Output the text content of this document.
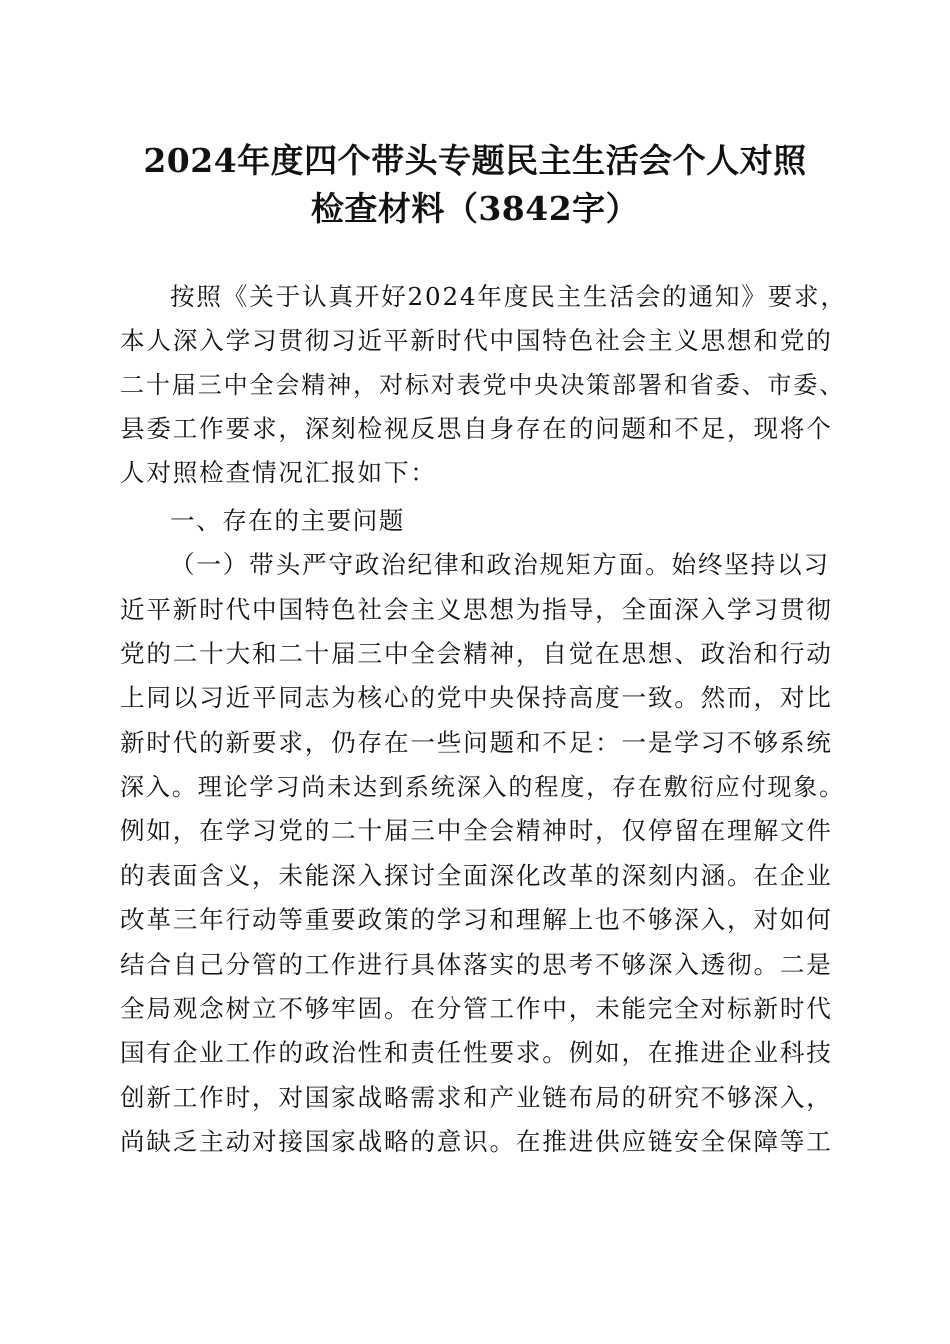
2024年度四个带头专题民主生活会个人对照
检查材料（3842字）
按照《关于认真开好2024年度民主生活会的通知》要求，
本人深入学习贯彻习近平新时代中国特色社会主义思想和党的
二十届三中全会精神，对标对表党中央决策部署和省委、市委、
县委工作要求，深刻检视反思自身存在的问题和不足，现将个
人对照检查情况汇报如下：
一、存在的主要问题
（一）带头严守政治纪律和政治规矩方面。始终坚持以习
近平新时代中国特色社会主义思想为指导，全面深入学习贯彻
党的二十大和二十届三中全会精神，自觉在思想、政治和行动
上同以习近平同志为核心的党中央保持高度一致。然而，对比
新时代的新要求，仍存在一些问题和不足：一是学习不够系统
深入。理论学习尚未达到系统深入的程度，存在敷衍应付现象。
例如，在学习党的二十届三中全会精神时，仅停留在理解文件
的表面含义，未能深入探讨全面深化改革的深刻内涵。在企业
改革三年行动等重要政策的学习和理解上也不够深入，对如何
结合自己分管的工作进行具体落实的思考不够深入透彻。二是
全局观念树立不够牢固。在分管工作中，未能完全对标新时代
国有企业工作的政治性和责任性要求。例如，在推进企业科技
创新工作时，对国家战略需求和产业链布局的研究不够深入，
尚缺乏主动对接国家战略的意识。在推进供应链安全保障等工
